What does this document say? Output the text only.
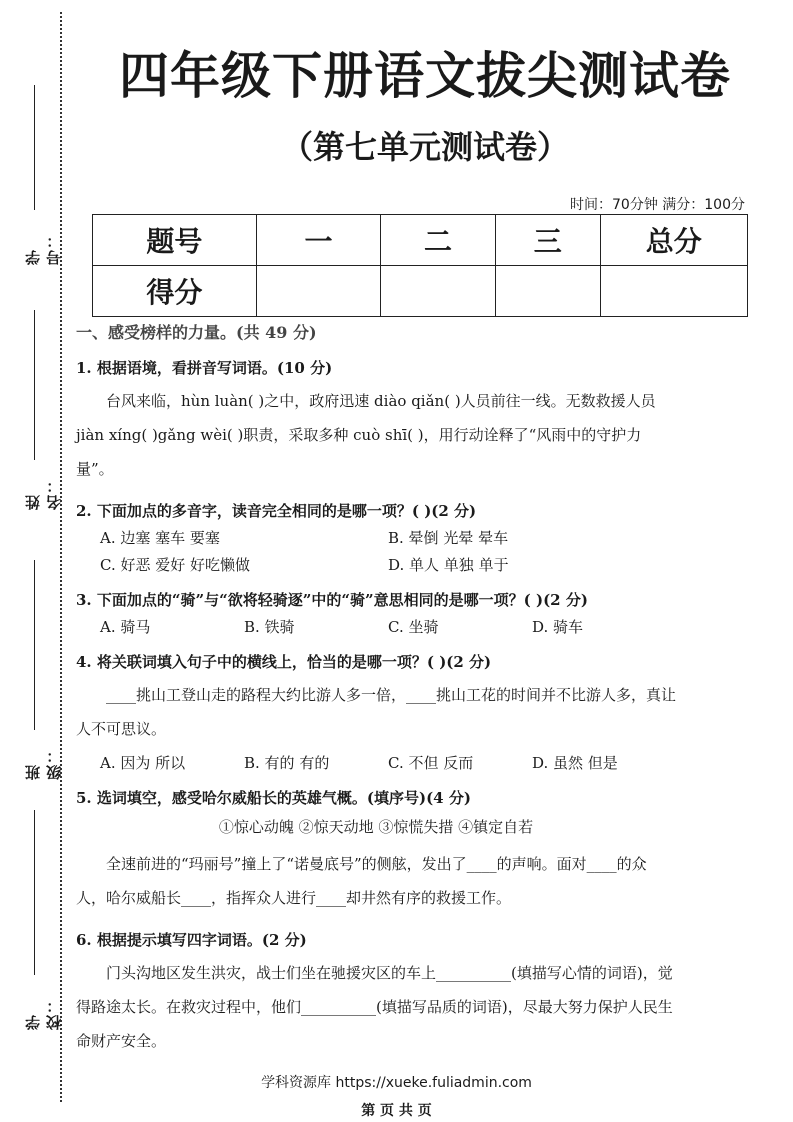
学号：
姓名：
班级：
学校：
四年级下册语文拔尖测试卷
（第七单元测试卷）
时间：70分钟 满分：100分
题号	一	二	三	总分
得分				
一、感受榜样的力量。(共 49 分)
1. 根据语境，看拼音写词语。(10 分)

台风来临，hùn luàn( )之中，政府迅速 diào qiǎn( )人员前往一线。无数救援人员 jiàn xíng( )gǎng wèi( )职责，采取多种 cuò shī( )，用行动诠释了“风雨中的守护力量”。

2. 下面加点的多音字，读音完全相同的是哪一项？( )(2 分)
A. 边塞 塞车 要塞	B. 晕倒 光晕 晕车
C. 好恶 爱好 好吃懒做	D. 单人 单独 单于
3. 下面加点的“骑”与“欲将轻骑逐”中的“骑”意思相同的是哪一项？( )(2 分)
A. 骑马	B. 铁骑	C. 坐骑	D. 骑车
4. 将关联词填入句子中的横线上，恰当的是哪一项？( )(2 分)

____挑山工登山走的路程大约比游人多一倍，____挑山工花的时间并不比游人多，真让人不可思议。

A. 因为 所以	B. 有的 有的	C. 不但 反而	D. 虽然 但是
5. 选词填空，感受哈尔威船长的英雄气概。(填序号)(4 分)
①惊心动魄 ②惊天动地 ③惊慌失措 ④镇定自若

全速前进的“玛丽号”撞上了“诺曼底号”的侧舷，发出了____的声响。面对____的众人，哈尔威船长____，指挥众人进行____却井然有序的救援工作。

6. 根据提示填写四字词语。(2 分)

门头沟地区发生洪灾，战士们坐在驰援灾区的车上__________(填描写心情的词语)，觉得路途太长。在救灾过程中，他们__________(填描写品质的词语)，尽最大努力保护人民生命财产安全。

学科资源库 https://xueke.fuliadmin.com
第 页 共 页
